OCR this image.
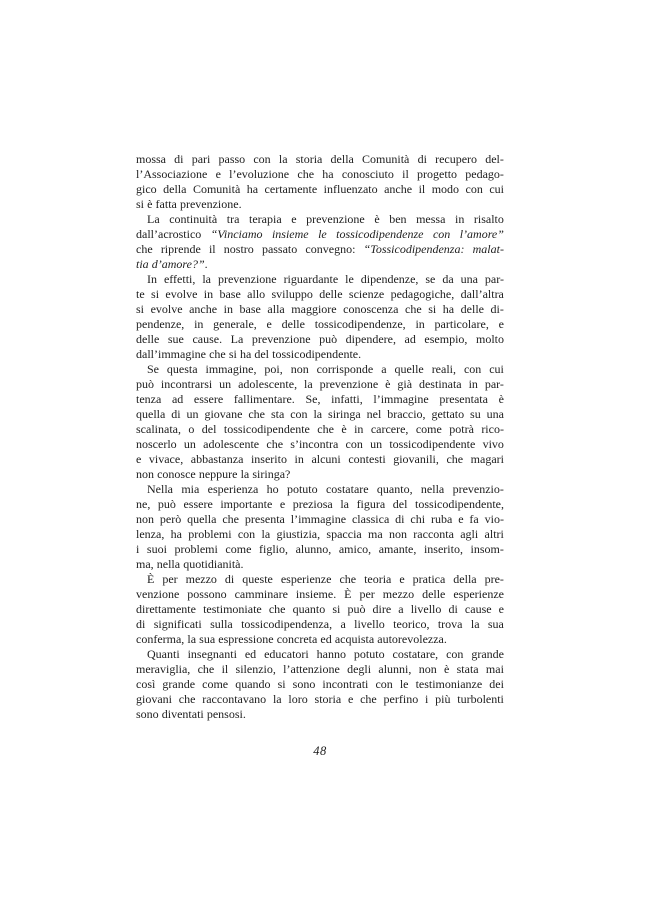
mossa di pari passo con la storia della Comunità di recupero del-
l’Associazione e l’evoluzione che ha conosciuto il progetto pedago-
gico della Comunità ha certamente influenzato anche il modo con cui
si è fatta prevenzione.
La continuità tra terapia e prevenzione è ben messa in risalto
dall’acrostico “Vinciamo insieme le tossicodipendenze con l’amore”
che riprende il nostro passato convegno: “Tossicodipendenza: malat-
tia d’amore?”.
In effetti, la prevenzione riguardante le dipendenze, se da una par-
te si evolve in base allo sviluppo delle scienze pedagogiche, dall’altra
si evolve anche in base alla maggiore conoscenza che si ha delle di-
pendenze, in generale, e delle tossicodipendenze, in particolare, e
delle sue cause. La prevenzione può dipendere, ad esempio, molto
dall’immagine che si ha del tossicodipendente.
Se questa immagine, poi, non corrisponde a quelle reali, con cui
può incontrarsi un adolescente, la prevenzione è già destinata in par-
tenza ad essere fallimentare. Se, infatti, l’immagine presentata è
quella di un giovane che sta con la siringa nel braccio, gettato su una
scalinata, o del tossicodipendente che è in carcere, come potrà rico-
noscerlo un adolescente che s’incontra con un tossicodipendente vivo
e vivace, abbastanza inserito in alcuni contesti giovanili, che magari
non conosce neppure la siringa?
Nella mia esperienza ho potuto costatare quanto, nella prevenzio-
ne, può essere importante e preziosa la figura del tossicodipendente,
non però quella che presenta l’immagine classica di chi ruba e fa vio-
lenza, ha problemi con la giustizia, spaccia ma non racconta agli altri
i suoi problemi come figlio, alunno, amico, amante, inserito, insom-
ma, nella quotidianità.
È per mezzo di queste esperienze che teoria e pratica della pre-
venzione possono camminare insieme. È per mezzo delle esperienze
direttamente testimoniate che quanto si può dire a livello di cause e
di significati sulla tossicodipendenza, a livello teorico, trova la sua
conferma, la sua espressione concreta ed acquista autorevolezza.
Quanti insegnanti ed educatori hanno potuto costatare, con grande
meraviglia, che il silenzio, l’attenzione degli alunni, non è stata mai
così grande come quando si sono incontrati con le testimonianze dei
giovani che raccontavano la loro storia e che perfino i più turbolenti
sono diventati pensosi.
48
